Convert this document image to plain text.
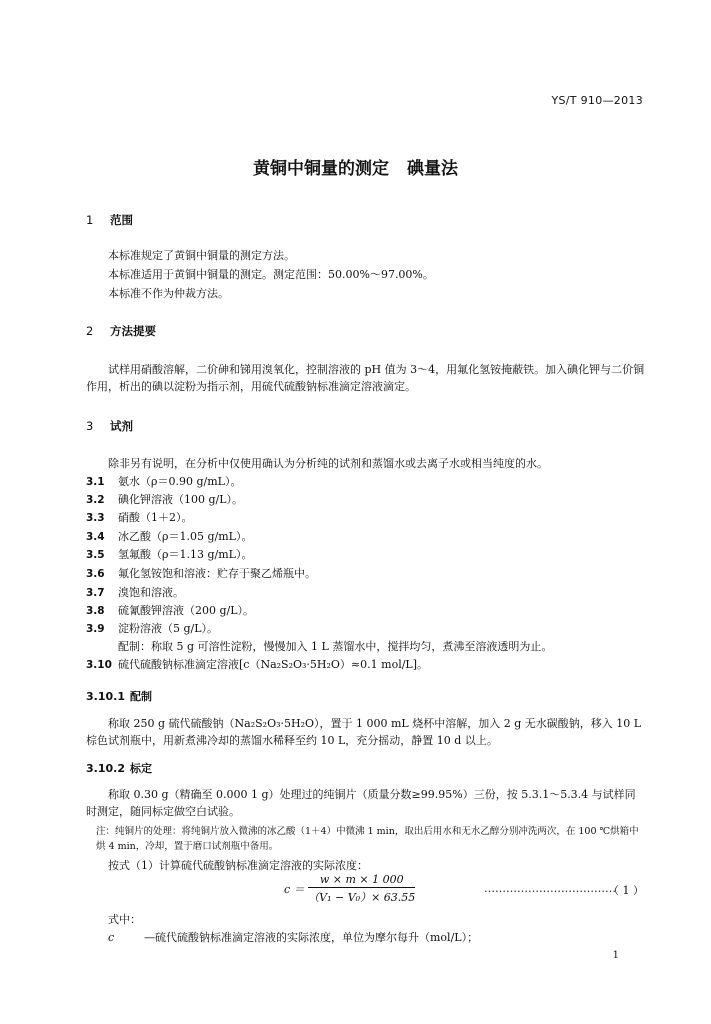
YS/T 910—2013
黄铜中铜量的测定 碘量法
1 范围
本标准规定了黄铜中铜量的测定方法。
本标准适用于黄铜中铜量的测定。测定范围：50.00%～97.00%。
本标准不作为仲裁方法。
2 方法提要
试样用硝酸溶解，二价砷和锑用溴氧化，控制溶液的 pH 值为 3～4，用氟化氢铵掩蔽铁。加入碘化钾与二价铜作用，析出的碘以淀粉为指示剂，用硫代硫酸钠标准滴定溶液滴定。
3 试剂
除非另有说明，在分析中仅使用确认为分析纯的试剂和蒸馏水或去离子水或相当纯度的水。
3.1 氨水（ρ＝0.90 g/mL）。
3.2 碘化钾溶液（100 g/L）。
3.3 硝酸（1＋2）。
3.4 冰乙酸（ρ＝1.05 g/mL）。
3.5 氢氟酸（ρ＝1.13 g/mL）。
3.6 氟化氢铵饱和溶液：贮存于聚乙烯瓶中。
3.7 溴饱和溶液。
3.8 硫氰酸钾溶液（200 g/L）。
3.9 淀粉溶液（5 g/L）。
配制：称取 5 g 可溶性淀粉，慢慢加入 1 L 蒸馏水中，搅拌均匀，煮沸至溶液透明为止。
3.10 硫代硫酸钠标准滴定溶液[c（Na₂S₂O₃·5H₂O）≈0.1 mol/L]。
3.10.1 配制
称取 250 g 硫代硫酸钠（Na₂S₂O₃·5H₂O），置于 1 000 mL 烧杯中溶解，加入 2 g 无水碳酸钠，移入 10 L 棕色试剂瓶中，用新煮沸冷却的蒸馏水稀释至约 10 L，充分摇动，静置 10 d 以上。
3.10.2 标定
称取 0.30 g（精确至 0.000 1 g）处理过的纯铜片（质量分数≥99.95%）三份，按 5.3.1～5.3.4 与试样同时测定，随同标定做空白试验。
注：纯铜片的处理：将纯铜片放入微沸的冰乙酸（1＋4）中微沸 1 min，取出后用水和无水乙醇分别冲洗两次，在 100 ℃烘箱中烘 4 min，冷却，置于磨口试剂瓶中备用。
按式（1）计算硫代硫酸钠标准滴定溶液的实际浓度：
$c = \frac{w \times m \times 1 000}{\text{（V₁ − V₀）× 63.55}}$	………………………………
（ 1 ）
式中：
c	—硫代硫酸钠标准滴定溶液的实际浓度，单位为摩尔每升（mol/L）；
1
